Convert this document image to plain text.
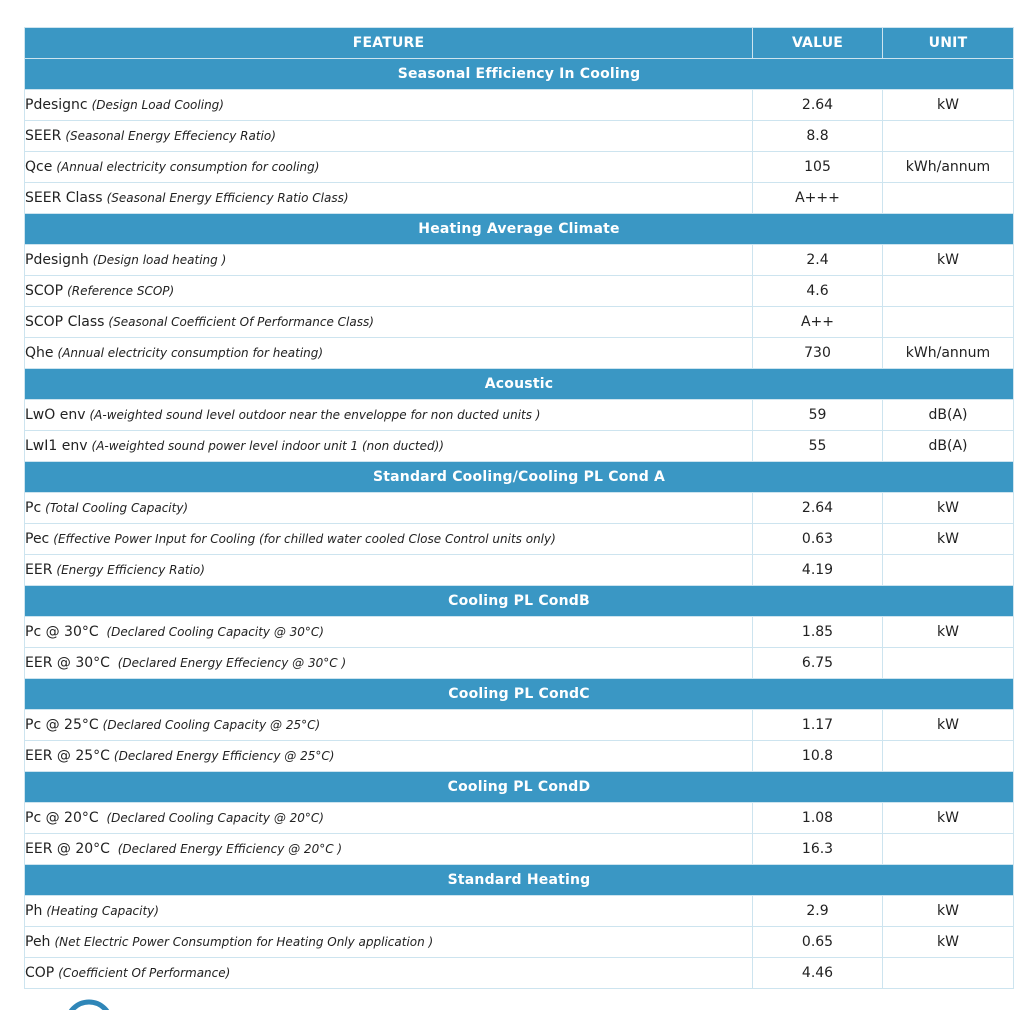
FEATURE	VALUE	UNIT
Seasonal Efficiency In Cooling		
Pdesignc (Design Load Cooling)	2.64	kW
SEER (Seasonal Energy Effeciency Ratio)	8.8	
Qce (Annual electricity consumption for cooling)	105	kWh/annum
SEER Class (Seasonal Energy Efficiency Ratio Class)	A+++	
Heating Average Climate		
Pdesignh (Design load heating )	2.4	kW
SCOP (Reference SCOP)	4.6	
SCOP Class (Seasonal Coefficient Of Performance Class)	A++	
Qhe (Annual electricity consumption for heating)	730	kWh/annum
Acoustic		
LwO env (A-weighted sound level outdoor near the enveloppe for non ducted units )	59	dB(A)
LwI1 env (A-weighted sound power level indoor unit 1 (non ducted))	55	dB(A)
Standard Cooling/Cooling PL Cond A		
Pc (Total Cooling Capacity)	2.64	kW
Pec (Effective Power Input for Cooling (for chilled water cooled Close Control units only)	0.63	kW
EER (Energy Efficiency Ratio)	4.19	
Cooling PL CondB		
Pc @ 30°C (Declared Cooling Capacity @ 30°C)	1.85	kW
EER @ 30°C (Declared Energy Effeciency @ 30°C )	6.75	
Cooling PL CondC		
Pc @ 25°C (Declared Cooling Capacity @ 25°C)	1.17	kW
EER @ 25°C (Declared Energy Efficiency @ 25°C)	10.8	
Cooling PL CondD		
Pc @ 20°C (Declared Cooling Capacity @ 20°C)	1.08	kW
EER @ 20°C (Declared Energy Efficiency @ 20°C )	16.3	
Standard Heating		
Ph (Heating Capacity)	2.9	kW
Peh (Net Electric Power Consumption for Heating Only application )	0.65	kW
COP (Coefficient Of Performance)	4.46	
